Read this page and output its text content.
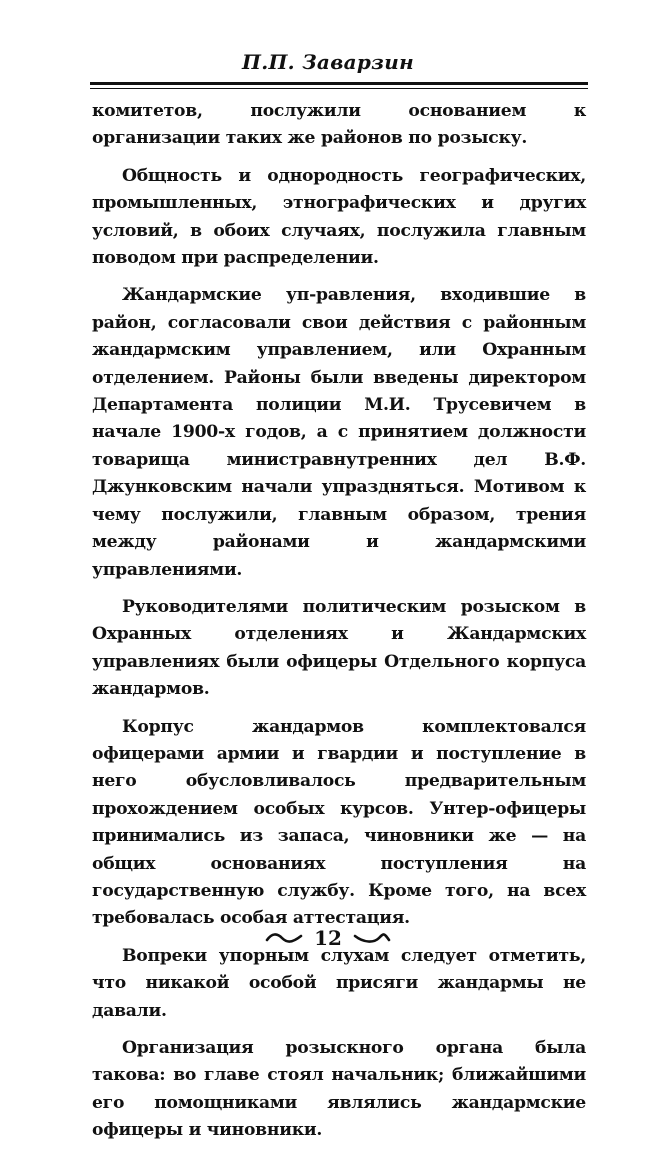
П.П. Заварзин

комитетов, послужили основанием к организации таких же районов по розыску.

Общность и однородность географических, промышленных, этнографических и других условий, в обоих случаях, послужила главным поводом при распределении.

Жандармские уп-равления, входившие в район, согласовали свои действия с районным жандармским управлением, или Охранным отделением. Районы были введены директором Департамента полиции М.И. Трусевичем в начале 1900-х годов, а с принятием должности товарища министравнутренних дел В.Ф. Джунковским начали упраздняться. Мотивом к чему послужили, главным образом, трения между районами и жандармскими управлениями.

Руководителями политическим розыском в Охранных отделениях и Жандармских управлениях были офицеры Отдельного корпуса жандармов.

Корпус жандармов комплектовался офицерами армии и гвардии и поступление в него обусловливалось предварительным прохождением особых курсов. Унтер-офицеры принимались из запаса, чиновники же — на общих основаниях поступления на государственную службу. Кроме того, на всех требовалась особая аттестация.

Вопреки упорным слухам следует отметить, что никакой особой присяги жандармы не давали.

Организация розыскного органа была такова: во главе стоял начальник; ближайшими его помощниками являлись жандармские офицеры и чиновники.

12
